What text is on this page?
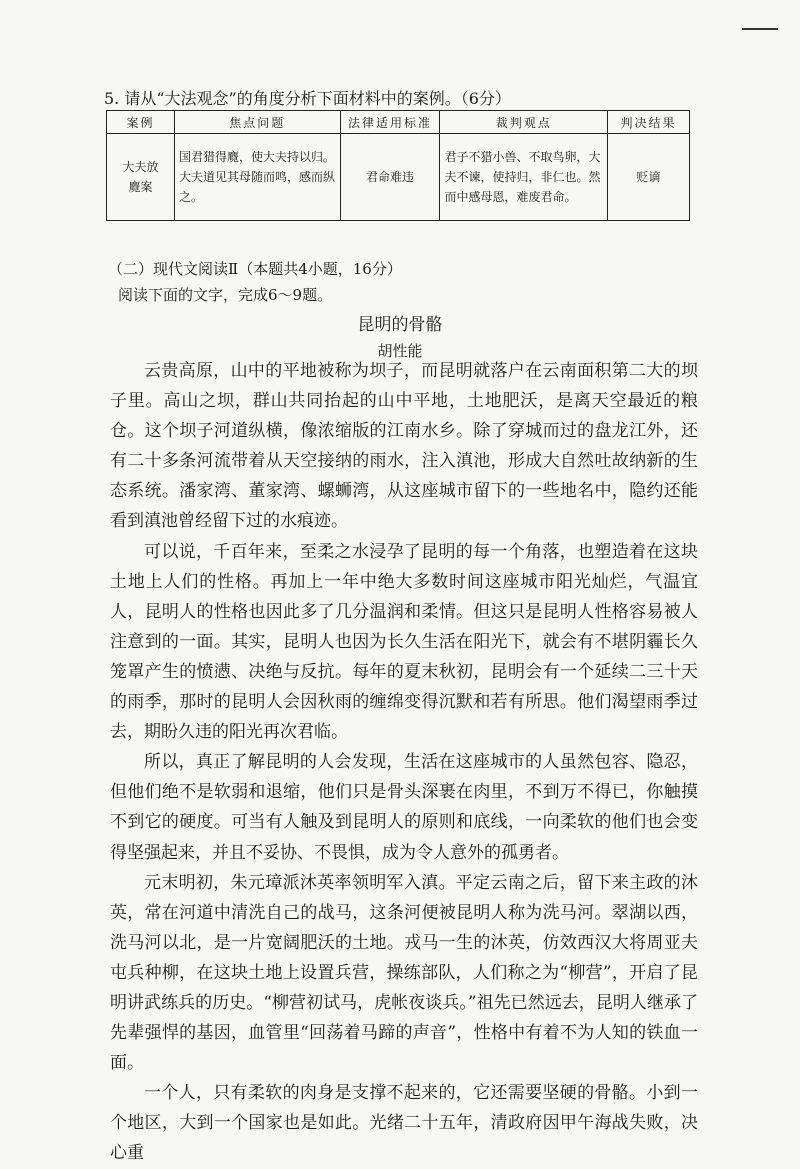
5. 请从“大法观念”的角度分析下面材料中的案例。（6分）
案例	焦点问题	法律适用标准	裁判观点	判决结果
大夫放麑案	国君猎得麑，使大夫持以归。大夫道见其母随而鸣，感而纵之。	君命难违	君子不猎小兽、不取鸟卵，大夫不谏，使持归，非仁也。然而中感母恩，难废君命。	贬谪
（二）现代文阅读Ⅱ（本题共4小题，16分）
阅读下面的文字，完成6～9题。
昆明的骨骼
胡性能

云贵高原，山中的平地被称为坝子，而昆明就落户在云南面积第二大的坝子里。高山之坝，群山共同抬起的山中平地，土地肥沃，是离天空最近的粮仓。这个坝子河道纵横，像浓缩版的江南水乡。除了穿城而过的盘龙江外，还有二十多条河流带着从天空接纳的雨水，注入滇池，形成大自然吐故纳新的生态系统。潘家湾、董家湾、螺蛳湾，从这座城市留下的一些地名中，隐约还能看到滇池曾经留下过的水痕迹。

可以说，千百年来，至柔之水浸孕了昆明的每一个角落，也塑造着在这块土地上人们的性格。再加上一年中绝大多数时间这座城市阳光灿烂，气温宜人，昆明人的性格也因此多了几分温润和柔情。但这只是昆明人性格容易被人注意到的一面。其实，昆明人也因为长久生活在阳光下，就会有不堪阴霾长久笼罩产生的愤懑、决绝与反抗。每年的夏末秋初，昆明会有一个延续二三十天的雨季，那时的昆明人会因秋雨的缠绵变得沉默和若有所思。他们渴望雨季过去，期盼久违的阳光再次君临。

所以，真正了解昆明的人会发现，生活在这座城市的人虽然包容、隐忍，但他们绝不是软弱和退缩，他们只是骨头深裹在肉里，不到万不得已，你触摸不到它的硬度。可当有人触及到昆明人的原则和底线，一向柔软的他们也会变得坚强起来，并且不妥协、不畏惧，成为令人意外的孤勇者。

元末明初，朱元璋派沐英率领明军入滇。平定云南之后，留下来主政的沐英，常在河道中清洗自己的战马，这条河便被昆明人称为洗马河。翠湖以西，洗马河以北，是一片宽阔肥沃的土地。戎马一生的沐英，仿效西汉大将周亚夫屯兵种柳，在这块土地上设置兵营，操练部队，人们称之为“柳营”，开启了昆明讲武练兵的历史。“柳营初试马，虎帐夜谈兵。”祖先已然远去，昆明人继承了先辈强悍的基因，血管里“回荡着马蹄的声音”，性格中有着不为人知的铁血一面。

一个人，只有柔软的肉身是支撑不起来的，它还需要坚硬的骨骼。小到一个地区，大到一个国家也是如此。光绪二十五年，清政府因甲午海战失败，决心重
